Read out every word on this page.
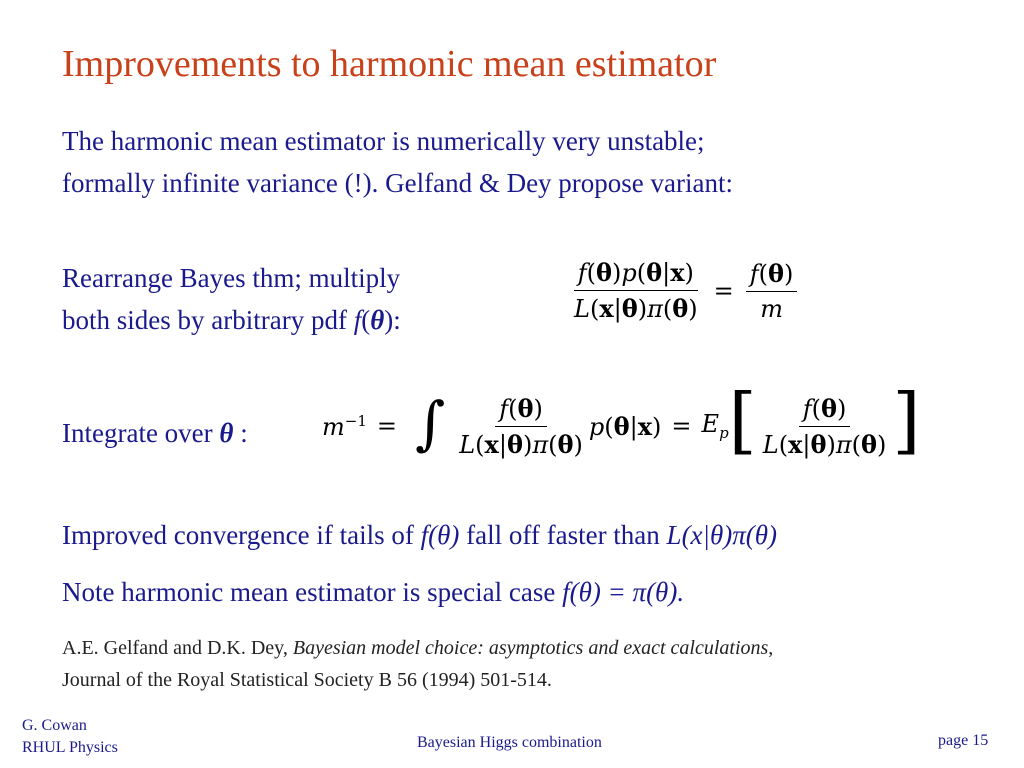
Improvements to harmonic mean estimator
The harmonic mean estimator is numerically very unstable;
formally infinite variance (!). Gelfand & Dey propose variant:
Rearrange Bayes thm; multiply
both sides by arbitrary pdf f(θ):	$\frac{f(\theta)p(\theta|x)}{L(x|\theta)\pi(\theta)} = \frac{f(\theta)}{m}$
Integrate over θ :	$m^{-1}$ = ∫ $\frac{f(\theta)}{L(x|\theta)\pi(\theta)} p(\theta|x) = E_p$ [ $\frac{f(\theta)}{L(x|\theta)\pi(\theta)}$ ]
Improved convergence if tails of f(θ) fall off faster than L(x|θ)π(θ)
Note harmonic mean estimator is special case f(θ) = π(θ).
A.E. Gelfand and D.K. Dey, Bayesian model choice: asymptotics and exact calculations,
Journal of the Royal Statistical Society B 56 (1994) 501-514.
G. Cowan
RHUL Physics	Bayesian Higgs combination	page 15
